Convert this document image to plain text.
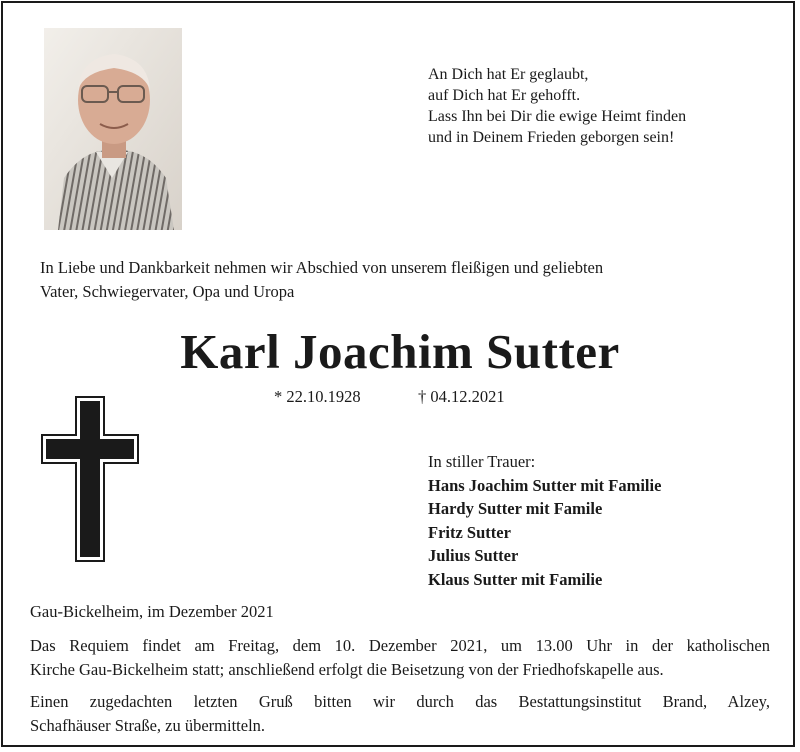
An Dich hat Er geglaubt,
auf Dich hat Er gehofft.
Lass Ihn bei Dir die ewige Heimt finden
und in Deinem Frieden geborgen sein!
In Liebe und Dankbarkeit nehmen wir Abschied von unserem fleißigen und geliebten
Vater, Schwiegervater, Opa und Uropa
Karl Joachim Sutter
* 22.10.1928	† 04.12.2021
In stiller Trauer:
Hans Joachim Sutter mit Familie
Hardy Sutter mit Famile
Fritz Sutter
Julius Sutter
Klaus Sutter mit Familie
Gau-Bickelheim, im Dezember 2021
Das Requiem findet am Freitag, dem 10. Dezember 2021, um 13.00 Uhr in der katholischen
Kirche Gau-Bickelheim statt; anschließend erfolgt die Beisetzung von der Friedhofskapelle aus.
Einen zugedachten letzten Gruß bitten wir durch das Bestattungsinstitut Brand, Alzey,
Schafhäuser Straße, zu übermitteln.
